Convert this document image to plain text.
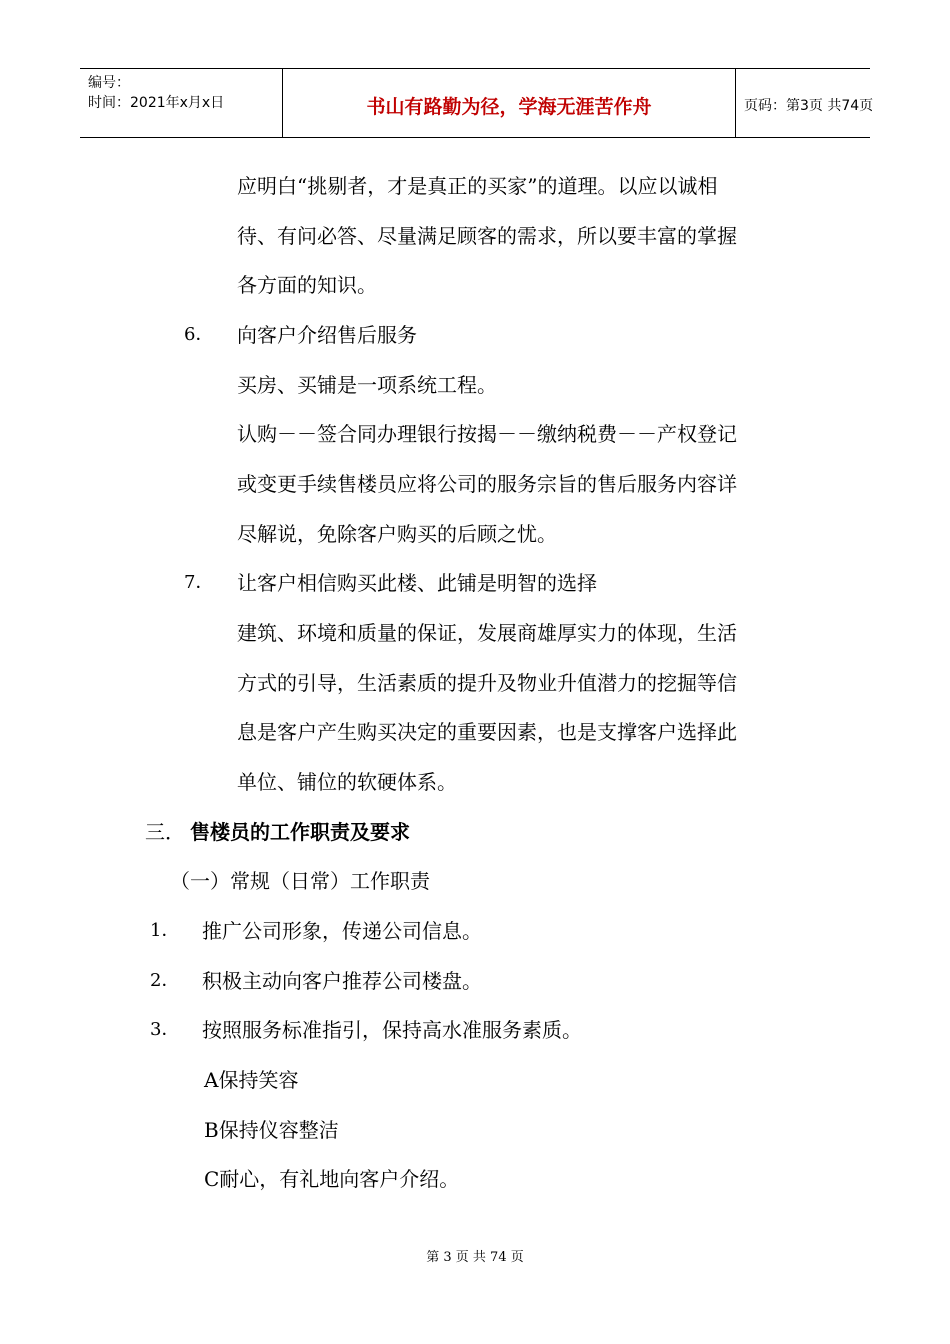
编号：
时间：2021年x月x日	书山有路勤为径，学海无涯苦作舟	页码：第3页 共74页
应明白“挑剔者，才是真正的买家”的道理。以应以诚相
待、有问必答、尽量满足顾客的需求，所以要丰富的掌握
各方面的知识。
6． 向客户介绍售后服务
买房、买铺是一项系统工程。
认购－－签合同办理银行按揭－－缴纳税费－－产权登记
或变更手续售楼员应将公司的服务宗旨的售后服务内容详
尽解说，免除客户购买的后顾之忧。
7． 让客户相信购买此楼、此铺是明智的选择
建筑、环境和质量的保证，发展商雄厚实力的体现，生活
方式的引导，生活素质的提升及物业升值潜力的挖掘等信
息是客户产生购买决定的重要因素，也是支撑客户选择此
单位、铺位的软硬体系。
三． 售楼员的工作职责及要求
（一）常规（日常）工作职责
1． 推广公司形象，传递公司信息。
2． 积极主动向客户推荐公司楼盘。
3． 按照服务标准指引，保持高水准服务素质。
A保持笑容
B保持仪容整洁
C耐心，有礼地向客户介绍。
第 3 页 共 74 页
